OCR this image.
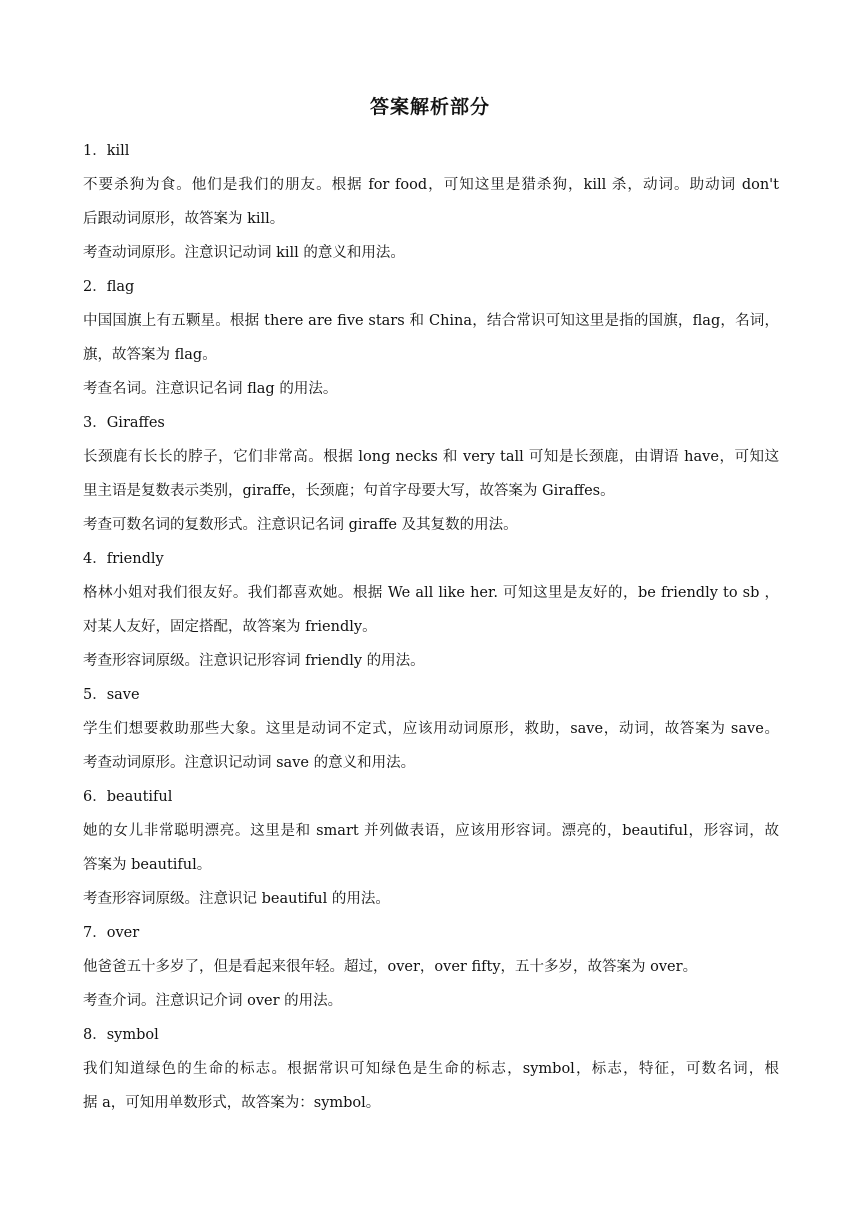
答案解析部分
1．kill
不要杀狗为食。他们是我们的朋友。根据 for food，可知这里是猎杀狗，kill 杀，动词。助动词 don't
后跟动词原形，故答案为 kill。
考查动词原形。注意识记动词 kill 的意义和用法。
2．flag
中国国旗上有五颗星。根据 there are five stars 和 China，结合常识可知这里是指的国旗，flag，名词，
旗，故答案为 flag。
考查名词。注意识记名词 flag 的用法。
3．Giraffes
长颈鹿有长长的脖子，它们非常高。根据 long necks 和 very tall 可知是长颈鹿，由谓语 have，可知这
里主语是复数表示类别，giraffe，长颈鹿；句首字母要大写，故答案为 Giraffes。
考查可数名词的复数形式。注意识记名词 giraffe 及其复数的用法。
4．friendly
格林小姐对我们很友好。我们都喜欢她。根据 We all like her. 可知这里是友好的，be friendly to sb ，
对某人友好，固定搭配，故答案为 friendly。
考查形容词原级。注意识记形容词 friendly 的用法。
5．save
学生们想要救助那些大象。这里是动词不定式，应该用动词原形，救助，save，动词，故答案为 save。
考查动词原形。注意识记动词 save 的意义和用法。
6．beautiful
她的女儿非常聪明漂亮。这里是和 smart 并列做表语，应该用形容词。漂亮的，beautiful，形容词，故
答案为 beautiful。
考查形容词原级。注意识记 beautiful 的用法。
7．over
他爸爸五十多岁了，但是看起来很年轻。超过，over，over fifty，五十多岁，故答案为 over。
考查介词。注意识记介词 over 的用法。
8．symbol
我们知道绿色的生命的标志。根据常识可知绿色是生命的标志，symbol，标志，特征，可数名词，根
据 a，可知用单数形式，故答案为：symbol。
